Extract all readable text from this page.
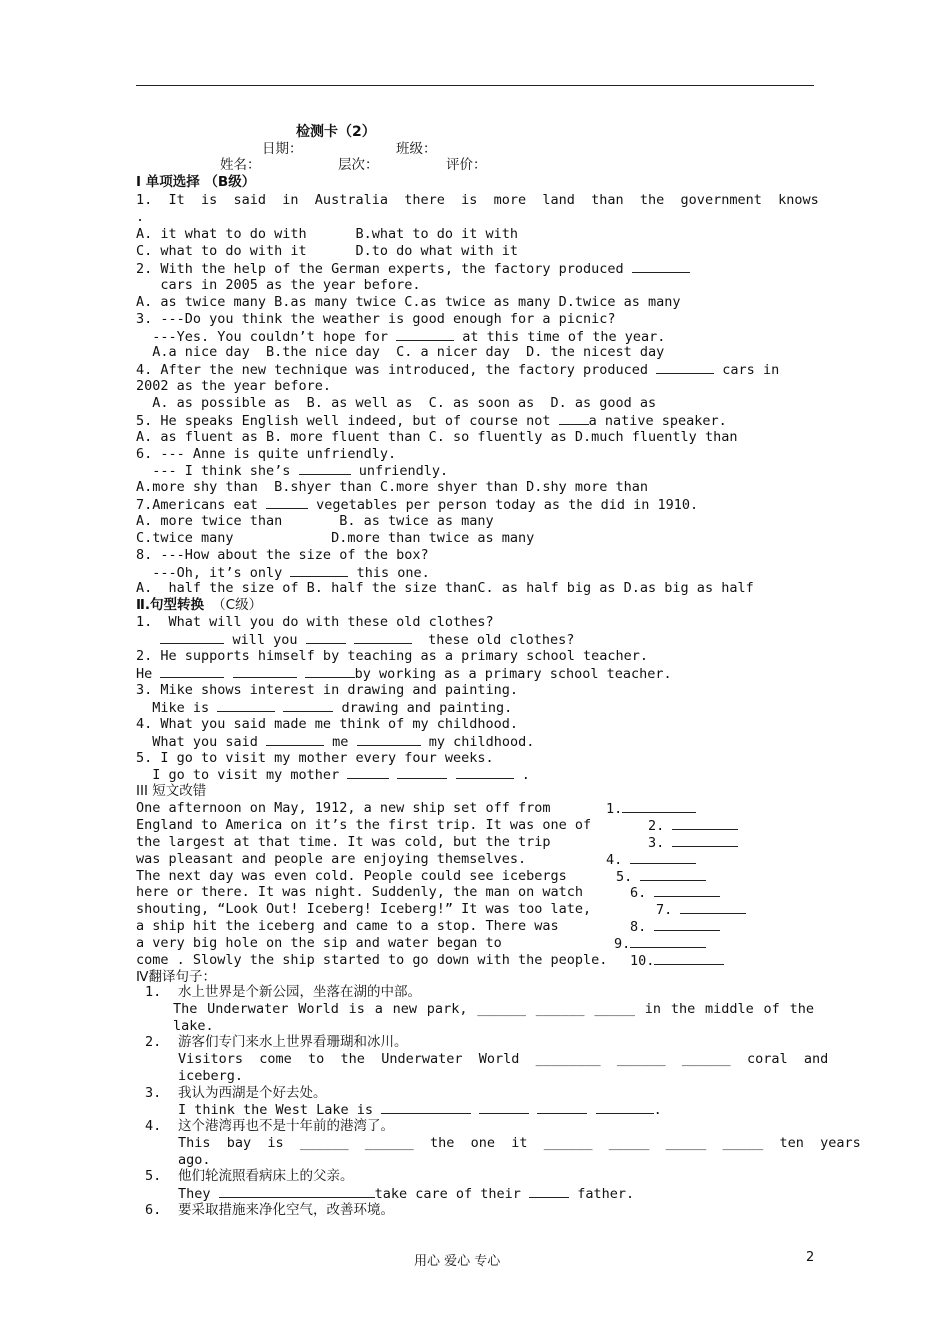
检测卡（2）
日期：	班级：
姓名：	层次：	评价：
Ⅰ 单项选择 （B级）
1.  It  is  said  in  Australia  there  is  more  land  than  the  government  knows
.
A. it what to do with      B.what to do it with
C. what to do with it      D.to do what with it
2. With the help of the German experts, the factory produced
cars in 2005 as the year before.
A. as twice many B.as many twice C.as twice as many D.twice as many
3. ---Do you think the weather is good enough for a picnic?
---Yes. You couldn’t hope for	at this time of the year.
A.a nice day  B.the nice day  C. a nicer day  D. the nicest day
4. After the new technique was introduced, the factory produced	cars in
2002 as the year before.
A. as possible as  B. as well as  C. as soon as  D. as good as
5. He speaks English well indeed, but of course not a native speaker.
A. as fluent as B. more fluent than C. so fluently as D.much fluently than
6. --- Anne is quite unfriendly.
--- I think she’s	unfriendly.
A.more shy than  B.shyer than C.more shyer than D.shy more than
7.Americans eat	vegetables per person today as the did in 1910.
A. more twice than       B. as twice as many
C.twice many            D.more than twice as many
8. ---How about the size of the box?
---Oh, it’s only	this one.
A.  half the size of B. half the size thanC. as half big as D.as big as half
Ⅱ.句型转换 （C级）
1.  What will you do with these old clothes?
will you	these old clothes?
2. He supports himself by teaching as a primary school teacher.
He	by working as a primary school teacher.
3. Mike shows interest in drawing and painting.
Mike is	drawing and painting.
4. What you said made me think of my childhood.
What you said	me	my childhood.
5. I go to visit my mother every four weeks.
I go to visit my mother	.
III 短文改错
One afternoon on May, 1912, a new ship set off from
England to America on it’s the first trip. It was one of
the largest at that time. It was cold, but the trip
was pleasant and people are enjoying themselves.
The next day was even cold. People could see icebergs
here or there. It was night. Suddenly, the man on watch
shouting, “Look Out! Iceberg! Iceberg!” It was too late,
a ship hit the iceberg and came to a stop. There was
a very big hole on the sip and water began to
come . Slowly the ship started to go down with the people.
1.
2.
3.
4.
5.
6.
7.
8.
9.
10.
Ⅳ翻译句子：
1. 水上世界是个新公园，坐落在湖的中部。
The Underwater World is a new park, ______ ______ _____ in the middle of the
lake.
2. 游客们专门来水上世界看珊瑚和冰川。
Visitors  come  to  the  Underwater  World  ________  ______  ______  coral  and
iceberg.
3. 我认为西湖是个好去处。
I think the West Lake is	.
4. 这个港湾再也不是十年前的港湾了。
This  bay  is  ______  ______  the  one  it  ______  _____  _____  _____  ten  years
ago.
5. 他们轮流照看病床上的父亲。
They	take care of their	father.
6. 要采取措施来净化空气，改善环境。
用心 爱心 专心	2
